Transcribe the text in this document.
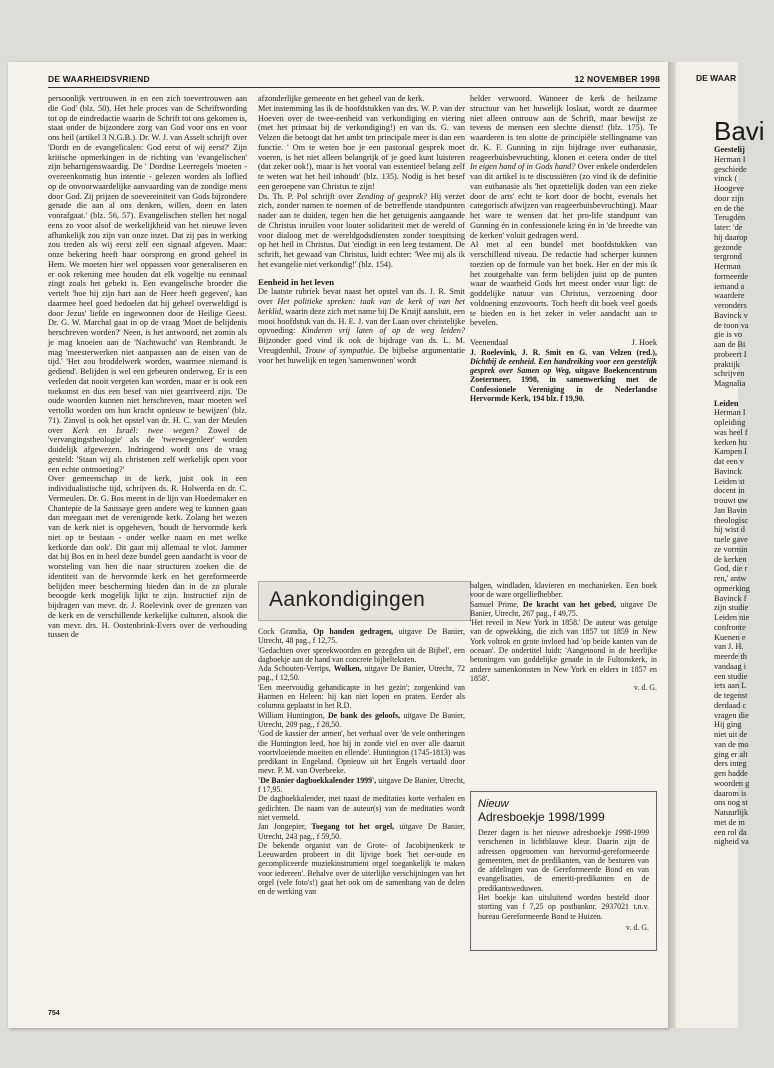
DE WAAR
Bavi
Geestelij
Herman I
geschiede
vinck (
Hoogeve
door zijn
en de the
Terugden
later: 'de
hij daarop
gezonde
tergrond
Herman
formeerde
iemand a
waardere
veronders
Bavinck v
de toon va
gie is vo
aan de Bi
probeert I
praktijk
schrijven
Magnalia
Leiden
Herman I
opleiding
was heel f
kerken hu
Kampen I
dat een v
Bavinck
Leiden st
docent in
trouwt uw
Jan Bavin
theologisc
hij wist d
tuele gave
ze vormin
de kerken
God, die r
ren,' antw
opmerking
Bavinck f
zijn studie
Leiden nie
confronte
Kuenen e
van J. H.
meerde th
vandaag i
een studie
iets aan L
de tegenst
derdaad c
vragen die
Hij ging
niet uit de
van de mo
ging er alt
ders integ
gen hadde
woorden g
daarom is
ons nog st
Natuurlijk
met de m
een rol da
nigheid va
DE WAARHEIDSVRIEND	12 NOVEMBER 1998

persoonlijk vertrouwen in en een zich toevertrouwen aan die God' (blz. 50). Het hele proces van de Schriftwording tot op de eindredactie waarin de Schrift tot ons gekomen is, staat onder de bijzondere zorg van God voor ons en voor ons heil (artikel 3 N.G.B.). Dr. W. J. van Asselt schrijft over 'Dordt en de evangelicalen: God eerst of wij eerst?' Zijn kritische opmerkingen in de richting van 'evangelischen' zijn behartigenswaardig. De ' Dordtse Leerregels 'moeten - overeenkomstig hun intentie - gelezen worden als loflied op de onvoorwaardelijke aanvaarding van de zondige mens door God. Zij prijzen de soevereiniteit van Gods bijzondere genade die aan al ons denken, willen, doen en laten voorafgaat.' (blz. 56, 57). Evangelischen stellen het nogal eens zo voor alsof de werkelijkheid van het nieuwe leven afhankelijk zou zijn van onze inzet. Dat zij pas in werking zou treden als wij eerst zelf een signaal afgeven. Maar: onze bekering heeft haar oorsprong en grond geheel in Hem. We moeten hier wel oppassen voor generaliseren en er ook rekening mee houden dat elk vogeltje nu eenmaal zingt zoals het gebekt is. Een evangelische broeder die vertelt 'hoe hij zijn hart aan de Heer heeft gegeven', kan daarmee heel goed bedoelen dat hij geheel overweldigd is door Jezus' liefde en ingewonnen door de Heilige Geest. Dr. G. W. Marchal gaat in op de vraag 'Moet de belijdenis herschreven worden?' Neen, is het antwoord, net zomin als je mag knoeien aan de 'Nachtwacht' van Rembrandt. Je mag 'meesterwerken niet aanpassen aan de eisen van de tijd.' 'Het zou broddelwerk worden, waarmee niemand is gediend'. Belijden is wel een gebeuren onderweg. Er is een verleden dat nooit vergeten kan worden, maar er is ook een toekomst en dus een besef van niet gearriveerd zijn. 'De oude woorden kunnen niet herschreven, maar moeten wel vertolkt worden om hun kracht opnieuw te bewijzen' (blz. 71). Zinvol is ook het opstel van dr. H. C. van der Meulen over Kerk en Israël: twee wegen? Zowel de 'vervangingstheologie' als de 'tweewegenleer' worden duidelijk afgewezen. Indringend wordt ons de vraag gesteld: 'Staan wij als christenen zelf werkelijk open voor een echte ontmoeting?'

Over gemeenschap in de kerk, juist ook in een individualistische tijd, schrijven ds. R. Holwerda en dr. C. Vermeulen. Dr. G. Bos meent in de lijn van Hoedemaker en Chantepie de la Saussaye geen andere weg te kunnen gaan dan meegaan met de verenigende kerk. Zolang het wezen van de kerk niet is opgeheven, 'houdt de hervormde kerk niet op te bestaan - onder welke naam en met welke kerkorde dan ook'. Dit gaat mij allemaal te vlot. Jammer dat bij Bos en in heel deze bundel geen aandacht is voor de worsteling van hen die naar structuren zoeken die de identiteit van de hervormde kerk en het gereformeerde belijden meer bescherming bieden dan in de zo plurale beoogde kerk mogelijk lijkt te zijn. Instructief zijn de bijdragen van mevr. dr. J. Roelevink over de grenzen van de kerk en de verschillende kerkelijke culturen, alsook die van mevr. drs. H. Oostenbrink-Evers over de verhouding tussen de

754

afzonderlijke gemeente en het geheel van de kerk.

Met instemming las ik de hoofdstukken van drs. W. P. van der Hoeven over de twee-eenheid van verkondiging en viering (met het primaat bij de verkondiging!) en van ds. G. van Velzen die betoogt dat het ambt ten principale meer is dan een functie. ' Om te weten hoe je een pastoraal gesprek moet voeren, is het niet alleen belangrijk of je goed kunt luisteren (dat zeker ook!), maar is het vooral van essentieel belang zelf te weten wat het heil inhoudt' (blz. 135). Nodig is het besef een geroepene van Christus te zijn!

Ds. Th. P. Pol schrijft over Zending of gesprek? Hij verzet zich, zonder namen te noemen of de betreffende standpunten nader aan te duiden, tegen hen die het getuigenis aangaande de Christus inruilen voor louter solidariteit met de wereld of voor dialoog met de wereldgodsdiensten zonder toespitsing op het heil in Christus. Dat 'eindigt in een leeg testament. De schrift, het gewaad van Christus, luidt echter: 'Wee mij als ik het evangelie niet verkondig!' (blz. 154).

Eenheid in het leven

De laatste rubriek bevat naast het opstel van ds. J. R. Smit over Het politieke spreken: taak van de kerk of van het kerklid, waarin deze zich met name bij De Kruijf aansluit, een mooi hoofdstuk van ds. H. E. J. van der Laan over christelijke opvoeding: Kinderen vrij laten of op de weg leiden? Bijzonder goed vind ik ook de bijdrage van ds. L. M. Vreugdenhil, Trouw of sympathie. De bijbelse argumentatie voor het huwelijk en tegen 'samenwonen' wordt

Aankondigingen

Cock Grandia, Op handen gedragen, uitgave De Banier, Utrecht, 48 pag., f 12,75.

'Gedachten over spreekwoorden en gezegden uit de Bijbel', een dagboekje aan de hand van concrete bijbelteksten.

Ada Schouten-Verrips, Wolken, uitgave De Banier, Utrecht, 72 pag., f 12,50.

'Een meervoudig gehandicapte in het gezin'; zorgenkind van Harmen en Heleen: hij kan niet lopen en praten. Eerder als columns geplaatst in het R.D.

William Huntington, De bank des geloofs, uitgave De Banier, Utrecht, 209 pag., f 28,50.

'God de kassier der armen', het verhaal over 'de vele ontheringen die Huntington leed, hoe hij in zonde viel en over alle daaruit voortvloeiende moeiten en ellende'. Huntington (1745-1813) was predikant in Engeland. Opnieuw uit het Engels vertaald door mevr. P. M. van Overbeeke.

'De Banier dagboekkalender 1999', uitgave De Banier, Utrecht, f 17,95.

De dagboekkalender, met naast de meditaties korte verhalen en gedichten. De naam van de auteur(s) van de meditaties wordt niet vermeld.

Jan Jongepier, Toegang tot het orgel, uitgave De Banier, Utrecht, 243 pag., f 59,50.

De bekende organist van de Grote- of Jacobijnenkerk te Leeuwarden probeert in dit lijvige boek 'het oer-oude en gecompliceerde muziekinstrument orgel toegankelijk te maken voor iedereen'. Behalve over de uiterlijke verschijningen van het orgel (vele foto's!) gaat het ook om de samenhang van de delen en de werking van

helder verwoord. Wanneer de kerk de heilzame structuur van het huwelijk loslaat, wordt ze daarmee niet alleen ontrouw aan de Schrift, maar bewijst ze tevens de mensen een slechte dienst! (blz. 175). Te waarderen is ten slotte de principiële stellingname van dr. K. F. Gunning in zijn bijdrage over euthanasie, reageerbuisbevruchting, klonen et cetera onder de titel In eigen hand of in Gods hand? Over enkele onderdelen van dit artikel is te discussiëren (zo vind ik de definitie van euthanasie als 'het opzettelijk doden van een zieke door de arts' echt te kort door de bocht, evenals het categorisch afwijzen van reageerbuisbevruchting). Maar het ware te wensen dat het pro-life standpunt van Gunning én in confessionele kring én in 'de breedte van de kerken' voluit gedragen werd.

Al met al een bundel met hoofdstukken van verschillend niveau. De redactie had scherper kunnen toezien op de formule van het boek. Her en der mis ik het zoutgehalte van ferm belijden juist op de punten waar de waarheid Gods het meest onder vuur ligt: de goddelijke natuur van Christus, verzoening door voldoening enzovoorts. Toch heeft dit boek veel goeds te bieden en is het zeker in veler aandacht aan te bevelen.

Veenendaal	J. Hoek

J. Roelevink, J. R. Smit en G. van Velzen (red.), Dichtbij de eenheid. Een handreiking voor een geestelijk gesprek over Samen op Weg, uitgave Boekencentrum Zoetermeer, 1998, in samenwerking met de Confessionele Vereniging in de Nederlandse Hervormde Kerk, 194 blz. f 19,90.

balgen, windladen, klavieren en mechanieken. Een boek voor de ware orgelliefhebber.

Samuel Prime, De kracht van het gebed, uitgave De Banier, Utrecht, 267 pag., f 49,75.

'Het reveil in New York in 1858.' De auteur was getuige van de opwekking, die zich van 1857 tot 1859 in New York voltrok en grote invloed had 'op beide kanten van de oceaan'. De ondertitel luidt: 'Aangetoond in de heerlijke betoningen van goddelijke genade in de Fultonskerk, in andere samenkomsten in New York en elders in 1857 en 1858'.

v. d. G.

Nieuw
Adresboekje 1998/1999

Dezer dagen is het nieuwe adresboekje 1998-1999 verschenen in lichtblauwe kleur. Daarin zijn de adressen opgenomen van hervormd-gereformeerde gemeenten, met de predikanten, van de besturen van de afdelingen van de Gereformeerde Bond en van evangelisaties, de emeriti-predikanten en de predikantsweduwen.

Het boekje kan uitsluitend worden besteld door storting van f 7,25 op postbanknr. 2937021 t.n.v. bureau Gereformeerde Bond te Huizen.

v. d. G.
